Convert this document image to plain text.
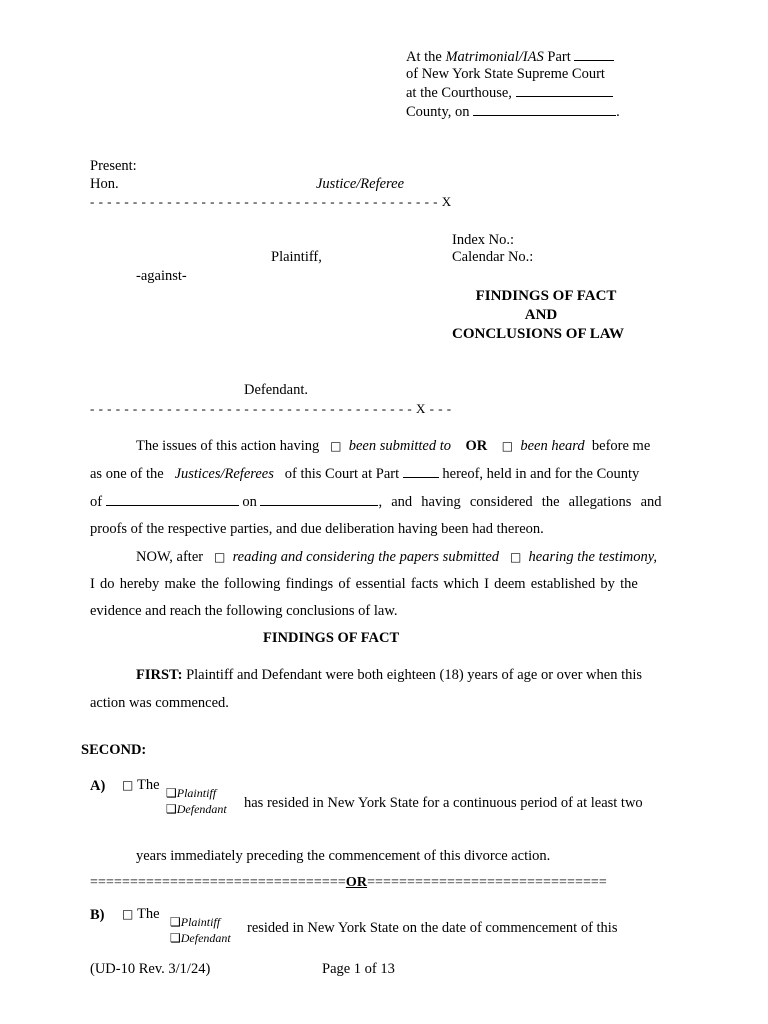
At the Matrimonial/IAS Part
of New York State Supreme Court
at the Courthouse,
County, on	.
Present:
Hon.	Justice/Referee
- - - - - - - - - - - - - - - - - - - - - - - - - - - - - - - - - - - - - - - - - X
Index No.:
Calendar No.:
Plaintiff,
-against-
FINDINGS OF FACT
AND
CONCLUSIONS OF LAW
Defendant.
- - - - - - - - - - - - - - - - - - - - - - - - - - - - - - - - - - - - - - X - - -
The issues of this action having □ been submitted to OR □ been heard before me
as one of the Justices/Referees of this Court at Part	hereof, held in and for the County
of	on	, and having considered the allegations and
proofs of the respective parties, and due deliberation having been had thereon.
NOW, after □ reading and considering the papers submitted □ hearing the testimony,
I do hereby make the following findings of essential facts which I deem established by the
evidence and reach the following conclusions of law.
FINDINGS OF FACT
FIRST: Plaintiff and Defendant were both eighteen (18) years of age or over when this
action was commenced.
SECOND:
A) □ The ❑Plaintiff
❑Defendant has resided in New York State for a continuous period of at least two
years immediately preceding the commencement of this divorce action.
================================OR==============================
B) □ The ❑Plaintiff
❑Defendant
resided in New York State on the date of commencement of this
(UD-10 Rev. 3/1/24)	Page 1 of 13
